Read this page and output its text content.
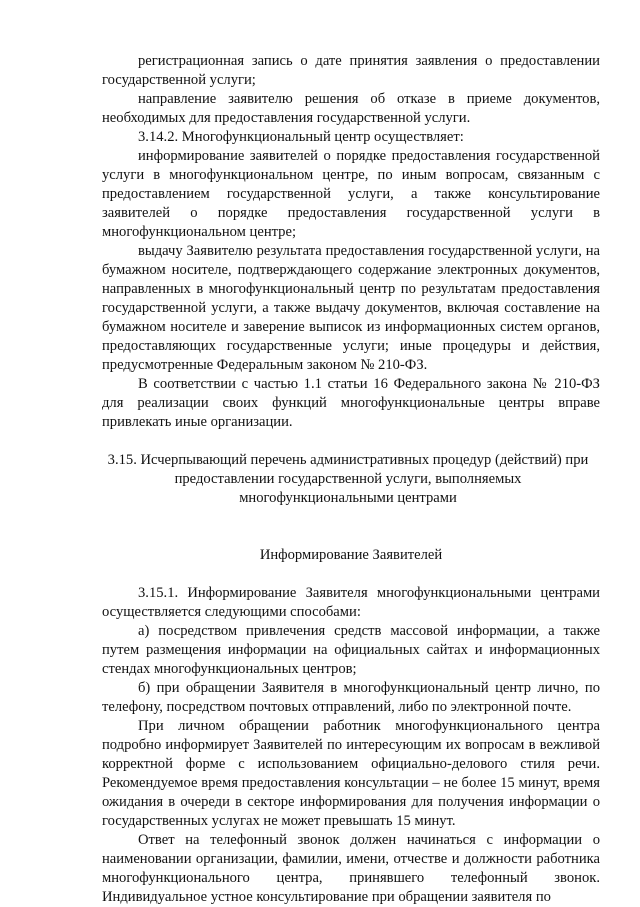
регистрационная запись о дате принятия заявления о предоставлении государственной услуги;

направление заявителю решения об отказе в приеме документов, необходимых для предоставления государственной услуги.

3.14.2. Многофункциональный центр осуществляет:

информирование заявителей о порядке предоставления государственной услуги в многофункциональном центре, по иным вопросам, связанным с предоставлением государственной услуги, а также консультирование заявителей о порядке предоставления государственной услуги в многофункциональном центре;

выдачу Заявителю результата предоставления государственной услуги, на бумажном носителе, подтверждающего содержание электронных документов, направленных в многофункциональный центр по результатам предоставления государственной услуги, а также выдачу документов, включая составление на бумажном носителе и заверение выписок из информационных систем органов, предоставляющих государственные услуги; иные процедуры и действия, предусмотренные Федеральным законом № 210-ФЗ.

В соответствии с частью 1.1 статьи 16 Федерального закона № 210-ФЗ для реализации своих функций многофункциональные центры вправе привлекать иные организации.

3.15. Исчерпывающий перечень административных процедур (действий) при предоставлении государственной услуги, выполняемых многофункциональными центрами

Информирование Заявителей

3.15.1. Информирование Заявителя многофункциональными центрами осуществляется следующими способами:

а) посредством привлечения средств массовой информации, а также путем размещения информации на официальных сайтах и информационных стендах многофункциональных центров;

б) при обращении Заявителя в многофункциональный центр лично, по телефону, посредством почтовых отправлений, либо по электронной почте.

При личном обращении работник многофункционального центра подробно информирует Заявителей по интересующим их вопросам в вежливой корректной форме с использованием официально-делового стиля речи. Рекомендуемое время предоставления консультации – не более 15 минут, время ожидания в очереди в секторе информирования для получения информации о государственных услугах не может превышать 15 минут.

Ответ на телефонный звонок должен начинаться с информации о наименовании организации, фамилии, имени, отчестве и должности работника многофункционального центра, принявшего телефонный звонок. Индивидуальное устное консультирование при обращении заявителя по
